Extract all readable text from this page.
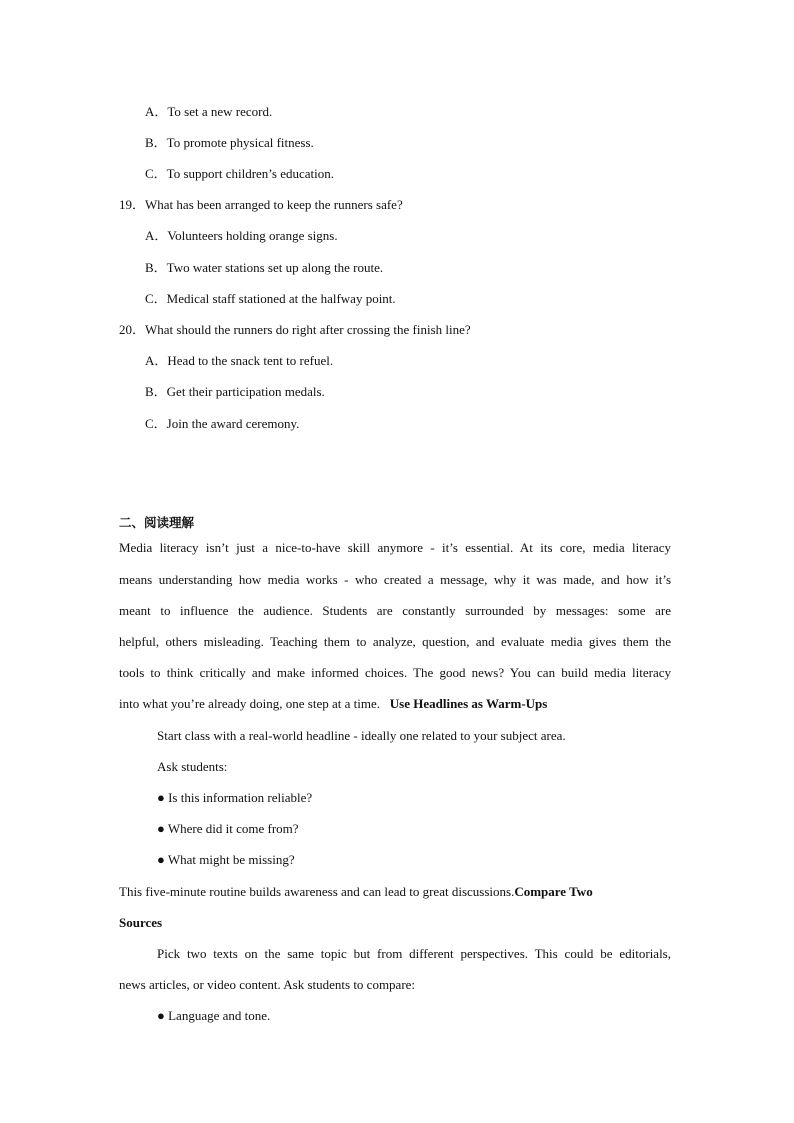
A．To set a new record.
B．To promote physical fitness.
C．To support children’s education.
19．What has been arranged to keep the runners safe?
A．Volunteers holding orange signs.
B．Two water stations set up along the route.
C．Medical staff stationed at the halfway point.
20．What should the runners do right after crossing the finish line?
A．Head to the snack tent to refuel.
B．Get their participation medals.
C．Join the award ceremony.
二、阅读理解
Media literacy isn’t just a nice-to-have skill anymore - it’s essential. At its core, media literacy
means understanding how media works - who created a message, why it was made, and how it’s
meant to influence the audience. Students are constantly surrounded by messages: some are
helpful, others misleading. Teaching them to analyze, question, and evaluate media gives them the
tools to think critically and make informed choices. The good news? You can build media literacy
into what you’re already doing, one step at a time. Use Headlines as Warm-Ups
Start class with a real-world headline - ideally one related to your subject area.
Ask students:
● Is this information reliable?
● Where did it come from?
● What might be missing?
This five-minute routine builds awareness and can lead to great discussions.Compare Two
Sources
Pick two texts on the same topic but from different perspectives. This could be editorials,
news articles, or video content. Ask students to compare:
● Language and tone.
